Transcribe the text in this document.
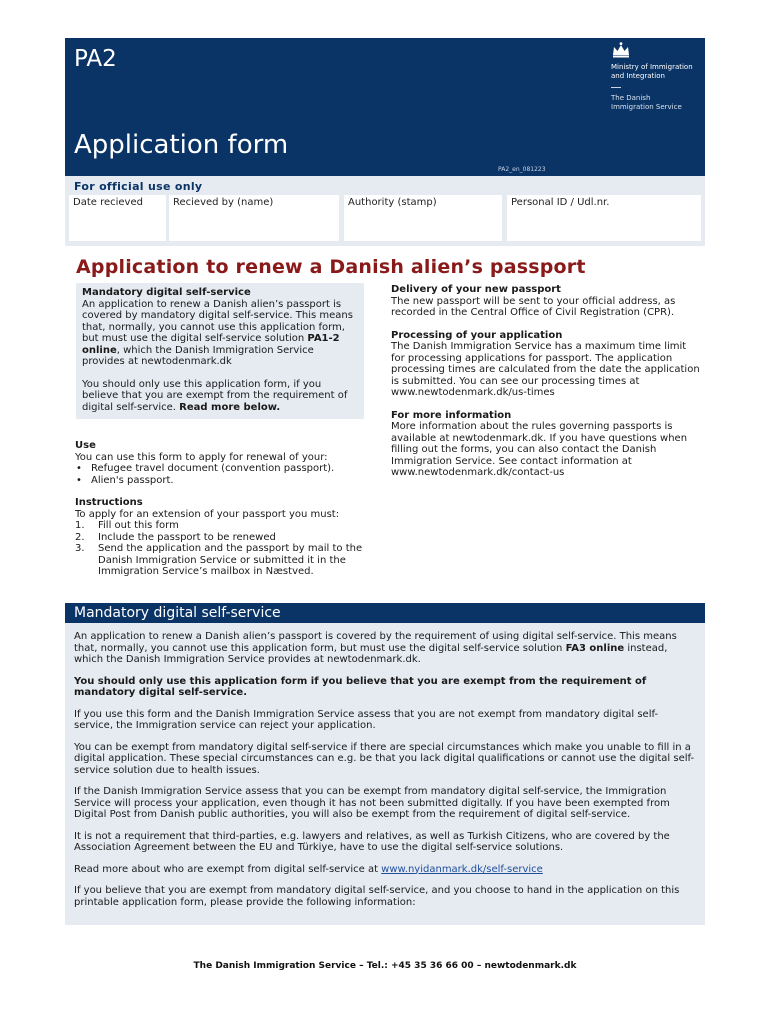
PA2
Application form
PA2_en_081223
Ministry of Immigration
and Integration
The Danish
Immigration Service
For official use only
Date recieved	Recieved by (name)	Authority (stamp)	Personal ID / Udl.nr.
Application to renew a Danish alien’s passport
Mandatory digital self-service
An application to renew a Danish alien’s passport is covered by mandatory digital self-service. This means that, normally, you cannot use this application form, but must use the digital self-service solution PA1-2 online, which the Danish Immigration Service provides at newtodenmark.dk
You should only use this application form, if you believe that you are exempt from the requirement of digital self-service. Read more below.
Use
You can use this form to apply for renewal of your:
• Refugee travel document (convention passport).
• Alien's passport.
Instructions
To apply for an extension of your passport you must:
1. Fill out this form
2. Include the passport to be renewed
3. Send the application and the passport by mail to the Danish Immigration Service or submitted it in the Immigration Service’s mailbox in Næstved.
Delivery of your new passport
The new passport will be sent to your official address, as recorded in the Central Office of Civil Registration (CPR).
Processing of your application
The Danish Immigration Service has a maximum time limit for processing applications for passport. The application processing times are calculated from the date the application is submitted. You can see our processing times at www.newtodenmark.dk/us-times
For more information
More information about the rules governing passports is available at newtodenmark.dk. If you have questions when filling out the forms, you can also contact the Danish Immigration Service. See contact information at www.newtodenmark.dk/contact-us
Mandatory digital self-service

An application to renew a Danish alien’s passport is covered by the requirement of using digital self-service. This means that, normally, you cannot use this application form, but must use the digital self-service solution FA3 online instead, which the Danish Immigration Service provides at newtodenmark.dk.

You should only use this application form if you believe that you are exempt from the requirement of mandatory digital self-service.

If you use this form and the Danish Immigration Service assess that you are not exempt from mandatory digital self-service, the Immigration service can reject your application.

You can be exempt from mandatory digital self-service if there are special circumstances which make you unable to fill in a digital application. These special circumstances can e.g. be that you lack digital qualifications or cannot use the digital self-service solution due to health issues.

If the Danish Immigration Service assess that you can be exempt from mandatory digital self-service, the Immigration Service will process your application, even though it has not been submitted digitally. If you have been exempted from Digital Post from Danish public authorities, you will also be exempt from the requirement of digital self-service.

It is not a requirement that third-parties, e.g. lawyers and relatives, as well as Turkish Citizens, who are covered by the Association Agreement between the EU and Türkiye, have to use the digital self-service solutions.

Read more about who are exempt from digital self-service at www.nyidanmark.dk/self-service

If you believe that you are exempt from mandatory digital self-service, and you choose to hand in the application on this printable application form, please provide the following information:

The Danish Immigration Service – Tel.: +45 35 36 66 00 – newtodenmark.dk
